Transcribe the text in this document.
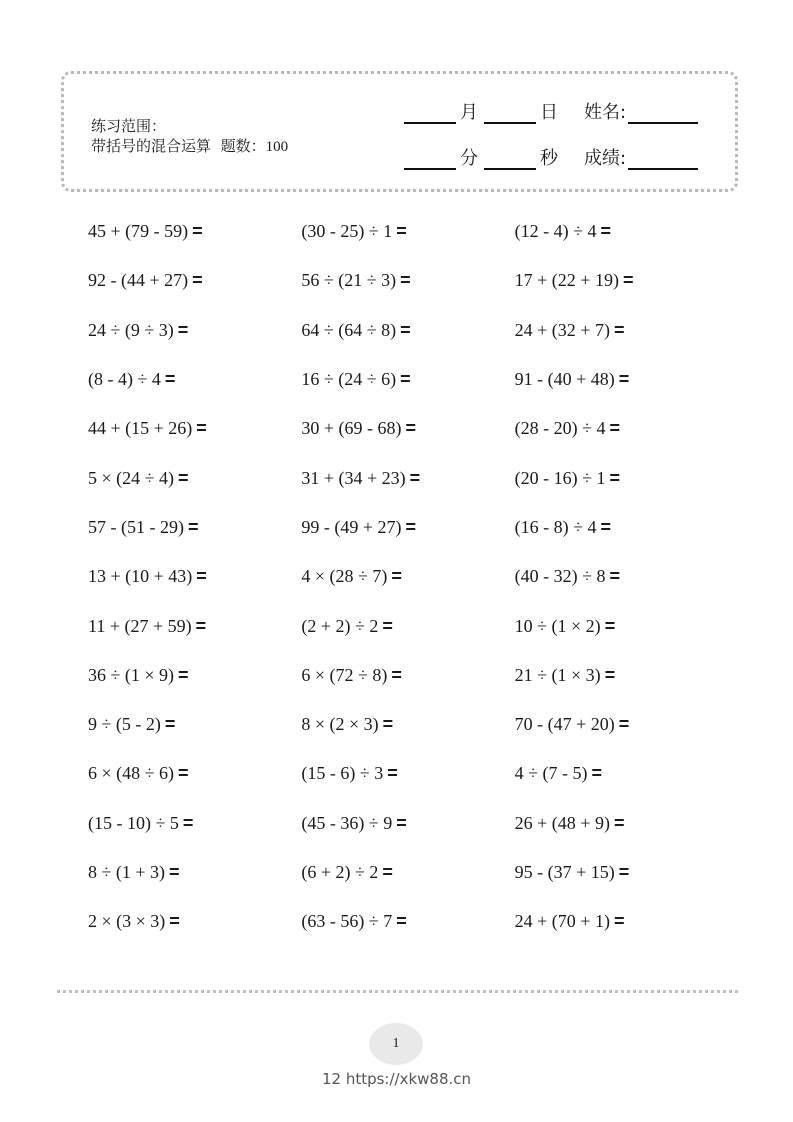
练习范围：
带括号的混合运算 题数：100
月	日 姓名:
分	秒 成绩:
45 + (79 - 59) =	(30 - 25) ÷ 1 =	(12 - 4) ÷ 4 =
92 - (44 + 27) =	56 ÷ (21 ÷ 3) =	17 + (22 + 19) =
24 ÷ (9 ÷ 3) =	64 ÷ (64 ÷ 8) =	24 + (32 + 7) =
(8 - 4) ÷ 4 =	16 ÷ (24 ÷ 6) =	91 - (40 + 48) =
44 + (15 + 26) =	30 + (69 - 68) =	(28 - 20) ÷ 4 =
5 × (24 ÷ 4) =	31 + (34 + 23) =	(20 - 16) ÷ 1 =
57 - (51 - 29) =	99 - (49 + 27) =	(16 - 8) ÷ 4 =
13 + (10 + 43) =	4 × (28 ÷ 7) =	(40 - 32) ÷ 8 =
11 + (27 + 59) =	(2 + 2) ÷ 2 =	10 ÷ (1 × 2) =
36 ÷ (1 × 9) =	6 × (72 ÷ 8) =	21 ÷ (1 × 3) =
9 ÷ (5 - 2) =	8 × (2 × 3) =	70 - (47 + 20) =
6 × (48 ÷ 6) =	(15 - 6) ÷ 3 =	4 ÷ (7 - 5) =
(15 - 10) ÷ 5 =	(45 - 36) ÷ 9 =	26 + (48 + 9) =
8 ÷ (1 + 3) =	(6 + 2) ÷ 2 =	95 - (37 + 15) =
2 × (3 × 3) =	(63 - 56) ÷ 7 =	24 + (70 + 1) =
1
12 https://xkw88.cn
